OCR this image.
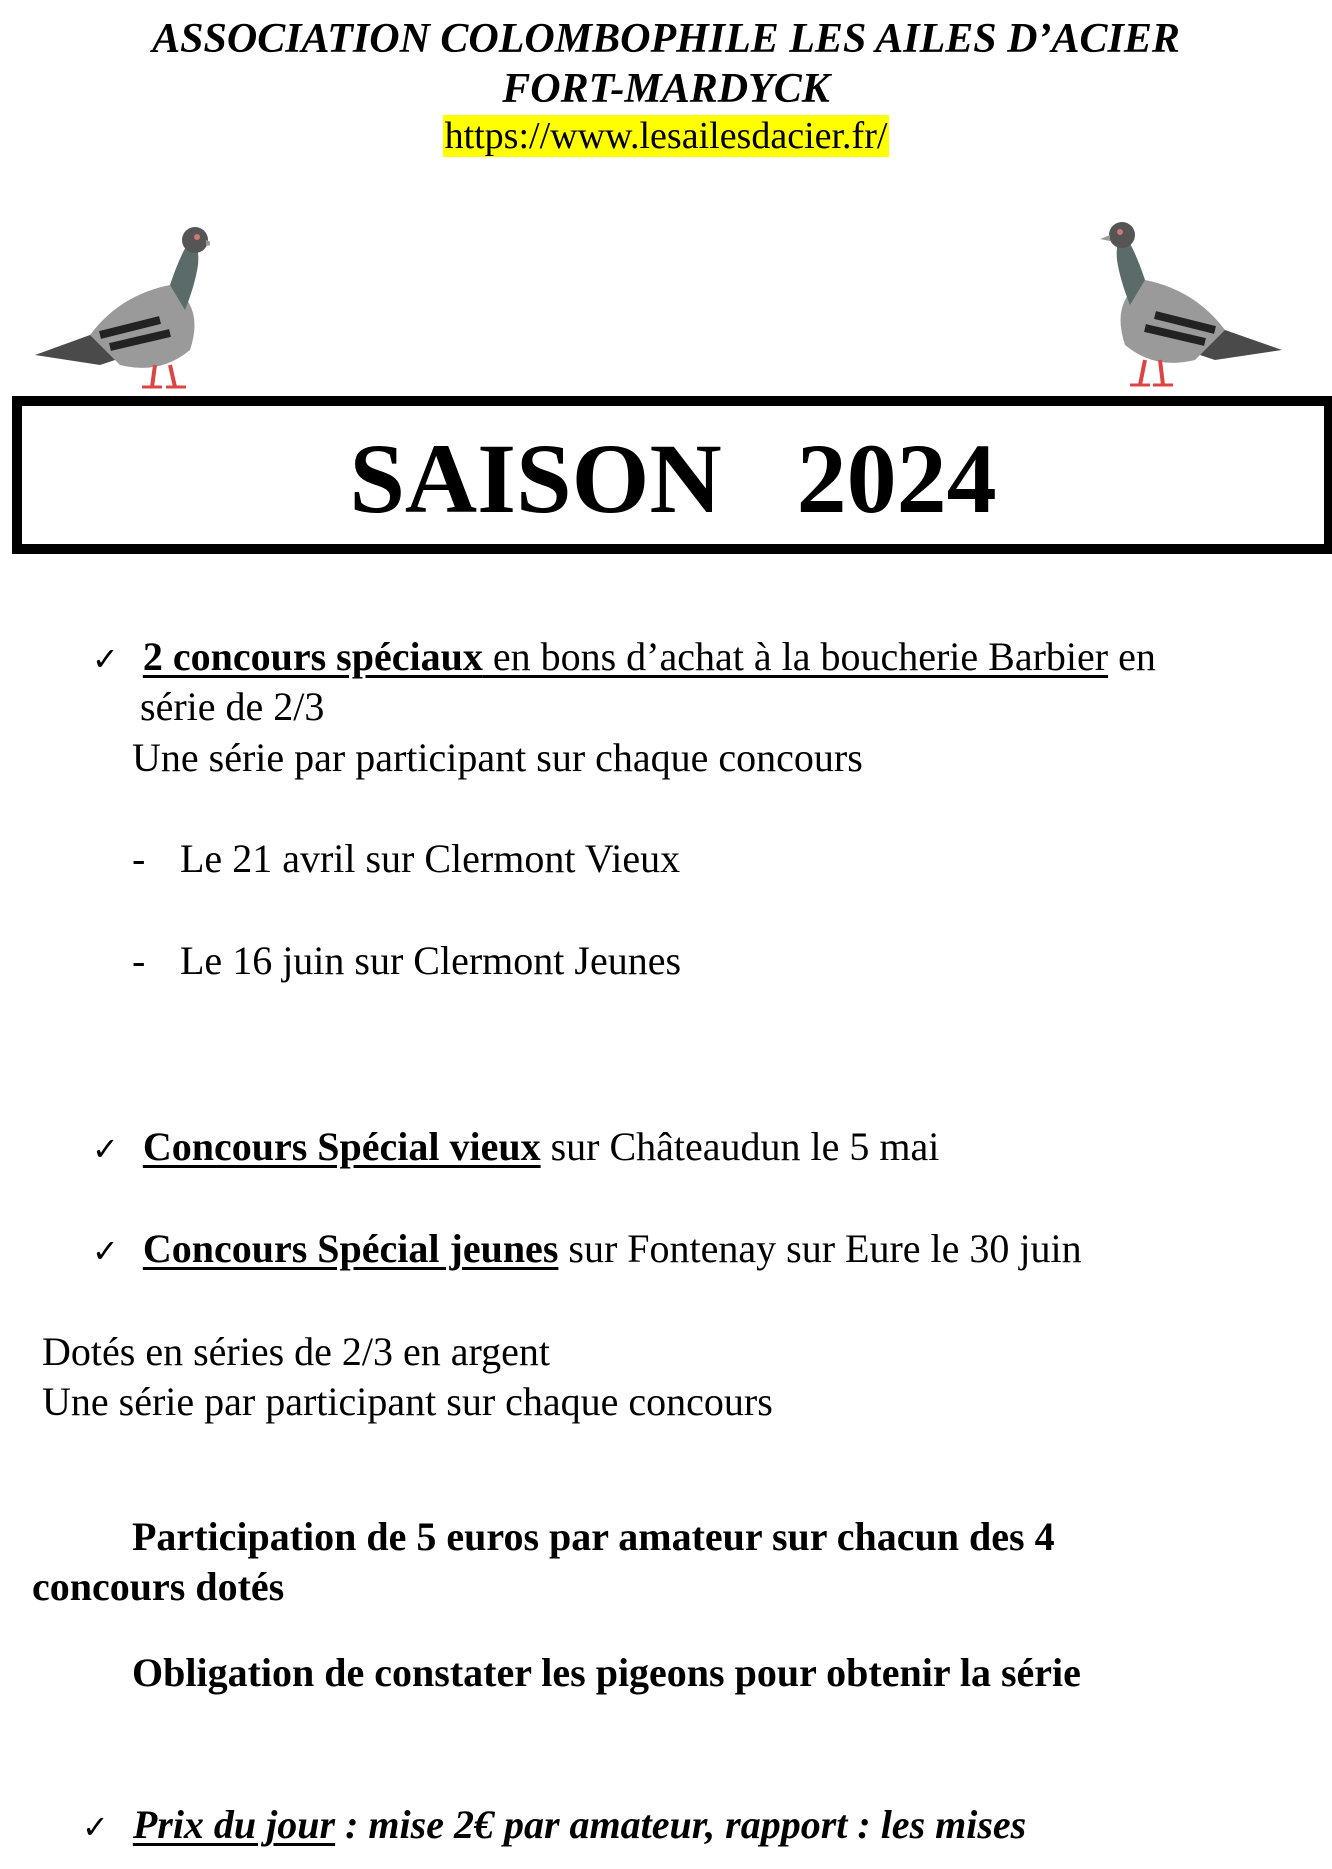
ASSOCIATION COLOMBOPHILE LES AILES D’ACIER
FORT-MARDYCK
https://www.lesailesdacier.fr/
SAISON   2024
✓ 2 concours spéciaux en bons d’achat à la boucherie Barbier en
série de 2/3
Une série par participant sur chaque concours
- Le 21 avril sur Clermont Vieux
- Le 16 juin sur Clermont Jeunes
✓ Concours Spécial vieux sur Châteaudun le 5 mai
✓ Concours Spécial jeunes sur Fontenay sur Eure le 30 juin
Dotés en séries de 2/3 en argent
Une série par participant sur chaque concours
Participation de 5 euros par amateur sur chacun des 4
concours dotés
Obligation de constater les pigeons pour obtenir la série
✓ Prix du jour : mise 2€ par amateur, rapport : les mises
